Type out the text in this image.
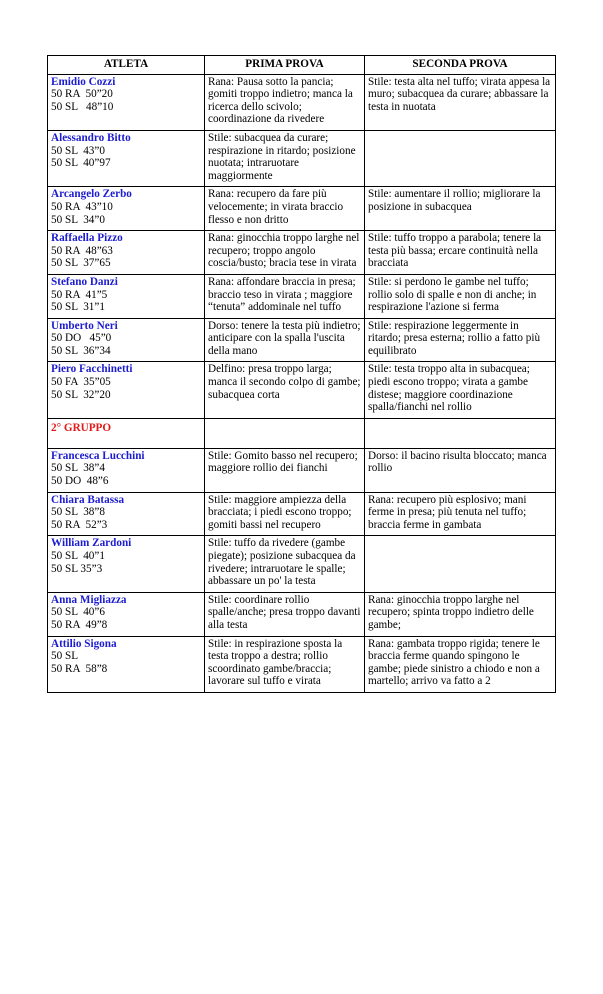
ATLETA	PRIMA PROVA	SECONDA PROVA

Emidio Cozzi
50 RA  50”20
50 SL   48”10	Rana: Pausa sotto la pancia; gomiti troppo indietro; manca la ricerca dello scivolo; coordinazione da rivedere	Stile: testa alta nel tuffo; virata appesa la muro; subacquea da curare; abbassare la testa in nuotata

Alessandro Bitto
50 SL  43”0
50 SL  40”97	Stile: subacquea da curare; respirazione in ritardo; posizione nuotata; intraruotare maggiormente	

Arcangelo Zerbo
50 RA  43”10
50 SL  34”0	Rana: recupero da fare più velocemente; in virata braccio flesso e non dritto	Stile: aumentare il rollio; migliorare la posizione in subacquea

Raffaella Pizzo
50 RA  48”63
50 SL  37”65	Rana: ginocchia troppo larghe nel recupero; troppo angolo coscia/busto; bracia tese in virata	Stile: tuffo troppo a parabola; tenere la testa più bassa; ercare continuità nella bracciata

Stefano Danzi
50 RA  41”5
50 SL  31”1	Rana: affondare braccia in presa; braccio teso in virata ; maggiore “tenuta” addominale nel tuffo	Stile: si perdono le gambe nel tuffo; rollio solo di spalle e non di anche; in respirazione l'azione si ferma

Umberto Neri
50 DO   45”0
50 SL  36”34	Dorso: tenere la testa più indietro; anticipare con la spalla l'uscita della mano	Stile: respirazione leggermente in ritardo; presa esterna; rollio a fatto più equilibrato

Piero Facchinetti
50 FA  35”05
50 SL  32”20	Delfino: presa troppo larga; manca il secondo colpo di gambe; subacquea corta	Stile: testa troppo alta in subacquea; piedi escono troppo; virata a gambe distese; maggiore coordinazione spalla/fianchi nel rollio

2° GRUPPO		

Francesca Lucchini
50 SL  38”4
50 DO  48”6	Stile: Gomito basso nel recupero; maggiore rollio dei fianchi	Dorso: il bacino risulta bloccato; manca rollio

Chiara Batassa
50 SL  38”8
50 RA  52”3	Stile: maggiore ampiezza della bracciata; i piedi escono troppo; gomiti bassi nel recupero	Rana: recupero più esplosivo; mani ferme in presa; più tenuta nel tuffo; braccia ferme in gambata

William Zardoni
50 SL  40”1
50 SL 35”3	Stile: tuffo da rivedere (gambe piegate); posizione subacquea da rivedere; intraruotare le spalle; abbassare un po' la testa	

Anna Migliazza
50 SL  40”6
50 RA  49”8	Stile: coordinare rollio spalle/anche; presa troppo davanti alla testa	Rana: ginocchia troppo larghe nel recupero; spinta troppo indietro delle gambe;

Attilio Sigona
50 SL
50 RA  58”8	Stile: in respirazione sposta la testa troppo a destra; rollio scoordinato gambe/braccia; lavorare sul tuffo e virata	Rana: gambata troppo rigida; tenere le braccia ferme quando spingono le gambe; piede sinistro a chiodo e non a martello; arrivo va fatto a 2
